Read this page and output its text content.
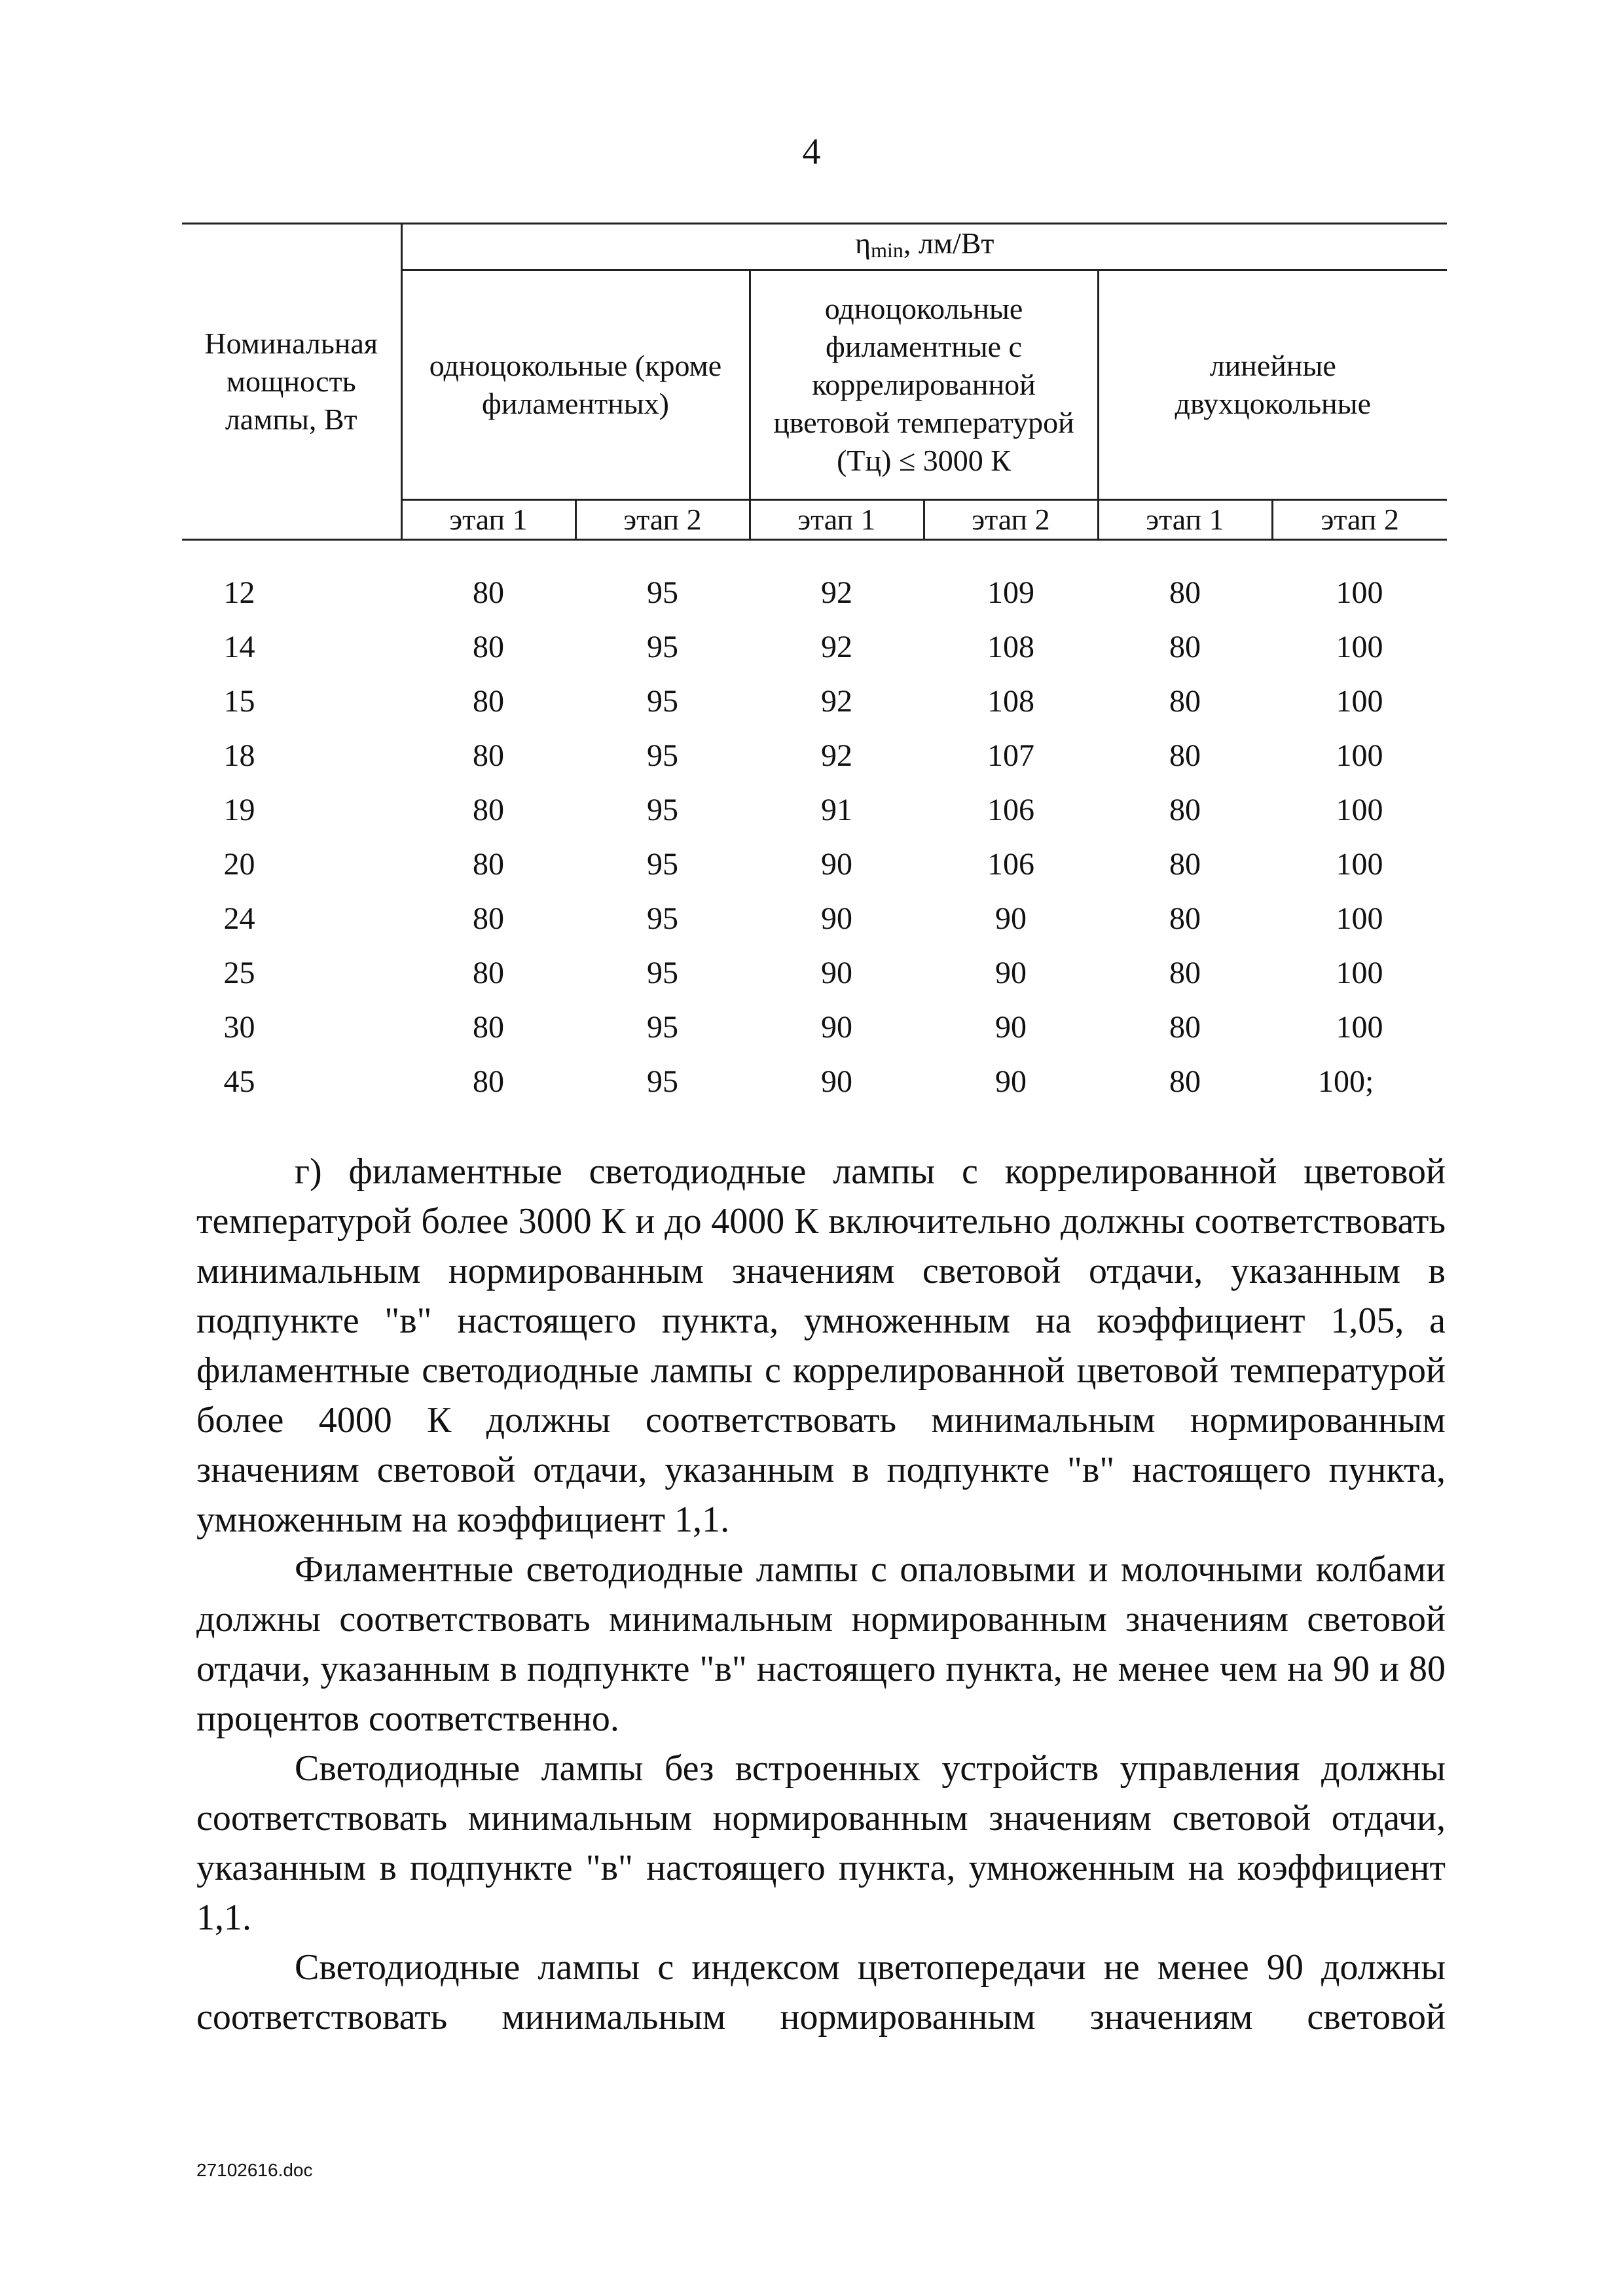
4
Номинальная мощность лампы, Вт	$\eta_{min}$, лм/Вт					
	одноцокольные (кроме филаментных)		одноцокольные филаментные с коррелированной цветовой температурой (Тц) ≤ 3000 К		линейные двухцокольные	
	этап 1	этап 2	этап 1	этап 2	этап 1	этап 2

12	80	95	92	109	80	100
14	80	95	92	108	80	100
15	80	95	92	108	80	100
18	80	95	92	107	80	100
19	80	95	91	106	80	100
20	80	95	90	106	80	100
24	80	95	90	90	80	100
25	80	95	90	90	80	100
30	80	95	90	90	80	100
45	80	95	90	90	80	100;

г) филаментные светодиодные лампы с коррелированной цветовой температурой более 3000 К и до 4000 К включительно должны соответствовать минимальным нормированным значениям световой отдачи, указанным в подпункте "в" настоящего пункта, умноженным на коэффициент 1,05, а филаментные светодиодные лампы с коррелированной цветовой температурой более 4000 К должны соответствовать минимальным нормированным значениям световой отдачи, указанным в подпункте "в" настоящего пункта, умноженным на коэффициент 1,1.

Филаментные светодиодные лампы с опаловыми и молочными колбами должны соответствовать минимальным нормированным значениям световой отдачи, указанным в подпункте "в" настоящего пункта, не менее чем на 90 и 80 процентов соответственно.

Светодиодные лампы без встроенных устройств управления должны соответствовать минимальным нормированным значениям световой отдачи, указанным в подпункте "в" настоящего пункта, умноженным на коэффициент 1,1.

Светодиодные лампы с индексом цветопередачи не менее 90 должны соответствовать минимальным нормированным значениям световой

27102616.doc
